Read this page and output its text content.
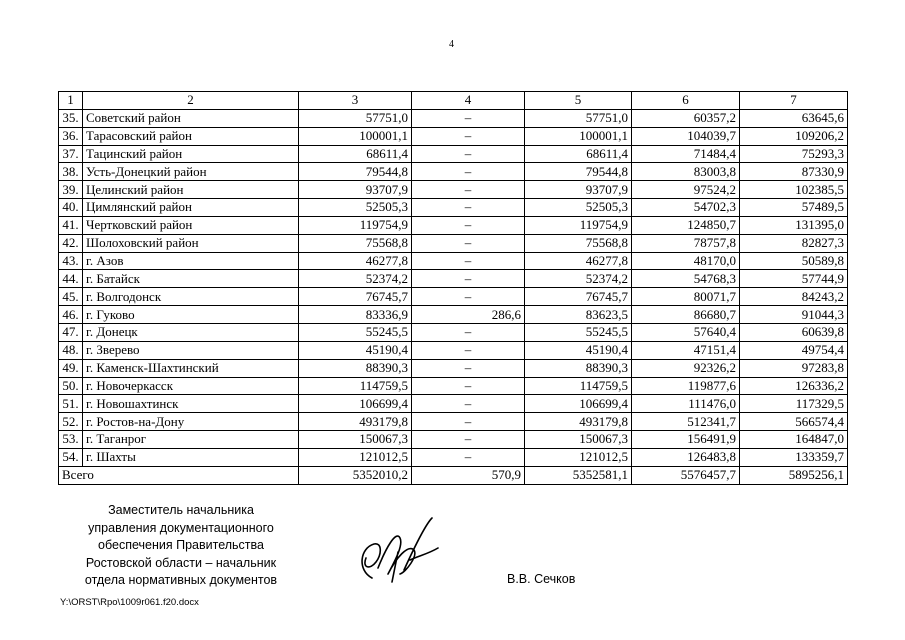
4
1	2	3	4	5	6	7
35.	Советский район	57751,0	–	57751,0	60357,2	63645,6
36.	Тарасовский район	100001,1	–	100001,1	104039,7	109206,2
37.	Тацинский район	68611,4	–	68611,4	71484,4	75293,3
38.	Усть-Донецкий район	79544,8	–	79544,8	83003,8	87330,9
39.	Целинский район	93707,9	–	93707,9	97524,2	102385,5
40.	Цимлянский район	52505,3	–	52505,3	54702,3	57489,5
41.	Чертковский район	119754,9	–	119754,9	124850,7	131395,0
42.	Шолоховский район	75568,8	–	75568,8	78757,8	82827,3
43.	г. Азов	46277,8	–	46277,8	48170,0	50589,8
44.	г. Батайск	52374,2	–	52374,2	54768,3	57744,9
45.	г. Волгодонск	76745,7	–	76745,7	80071,7	84243,2
46.	г. Гуково	83336,9	286,6	83623,5	86680,7	91044,3
47.	г. Донецк	55245,5	–	55245,5	57640,4	60639,8
48.	г. Зверево	45190,4	–	45190,4	47151,4	49754,4
49.	г. Каменск-Шахтинский	88390,3	–	88390,3	92326,2	97283,8
50.	г. Новочеркасск	114759,5	–	114759,5	119877,6	126336,2
51.	г. Новошахтинск	106699,4	–	106699,4	111476,0	117329,5
52.	г. Ростов-на-Дону	493179,8	–	493179,8	512341,7	566574,4
53.	г. Таганрог	150067,3	–	150067,3	156491,9	164847,0
54.	г. Шахты	121012,5	–	121012,5	126483,8	133359,7
Всего		5352010,2	570,9	5352581,1	5576457,7	5895256,1
Заместитель начальника
управления документационного
обеспечения Правительства
Ростовской области – начальник
отдела нормативных документов	В.В. Сечков
Y:\ORST\Rpo\1009r061.f20.docx
